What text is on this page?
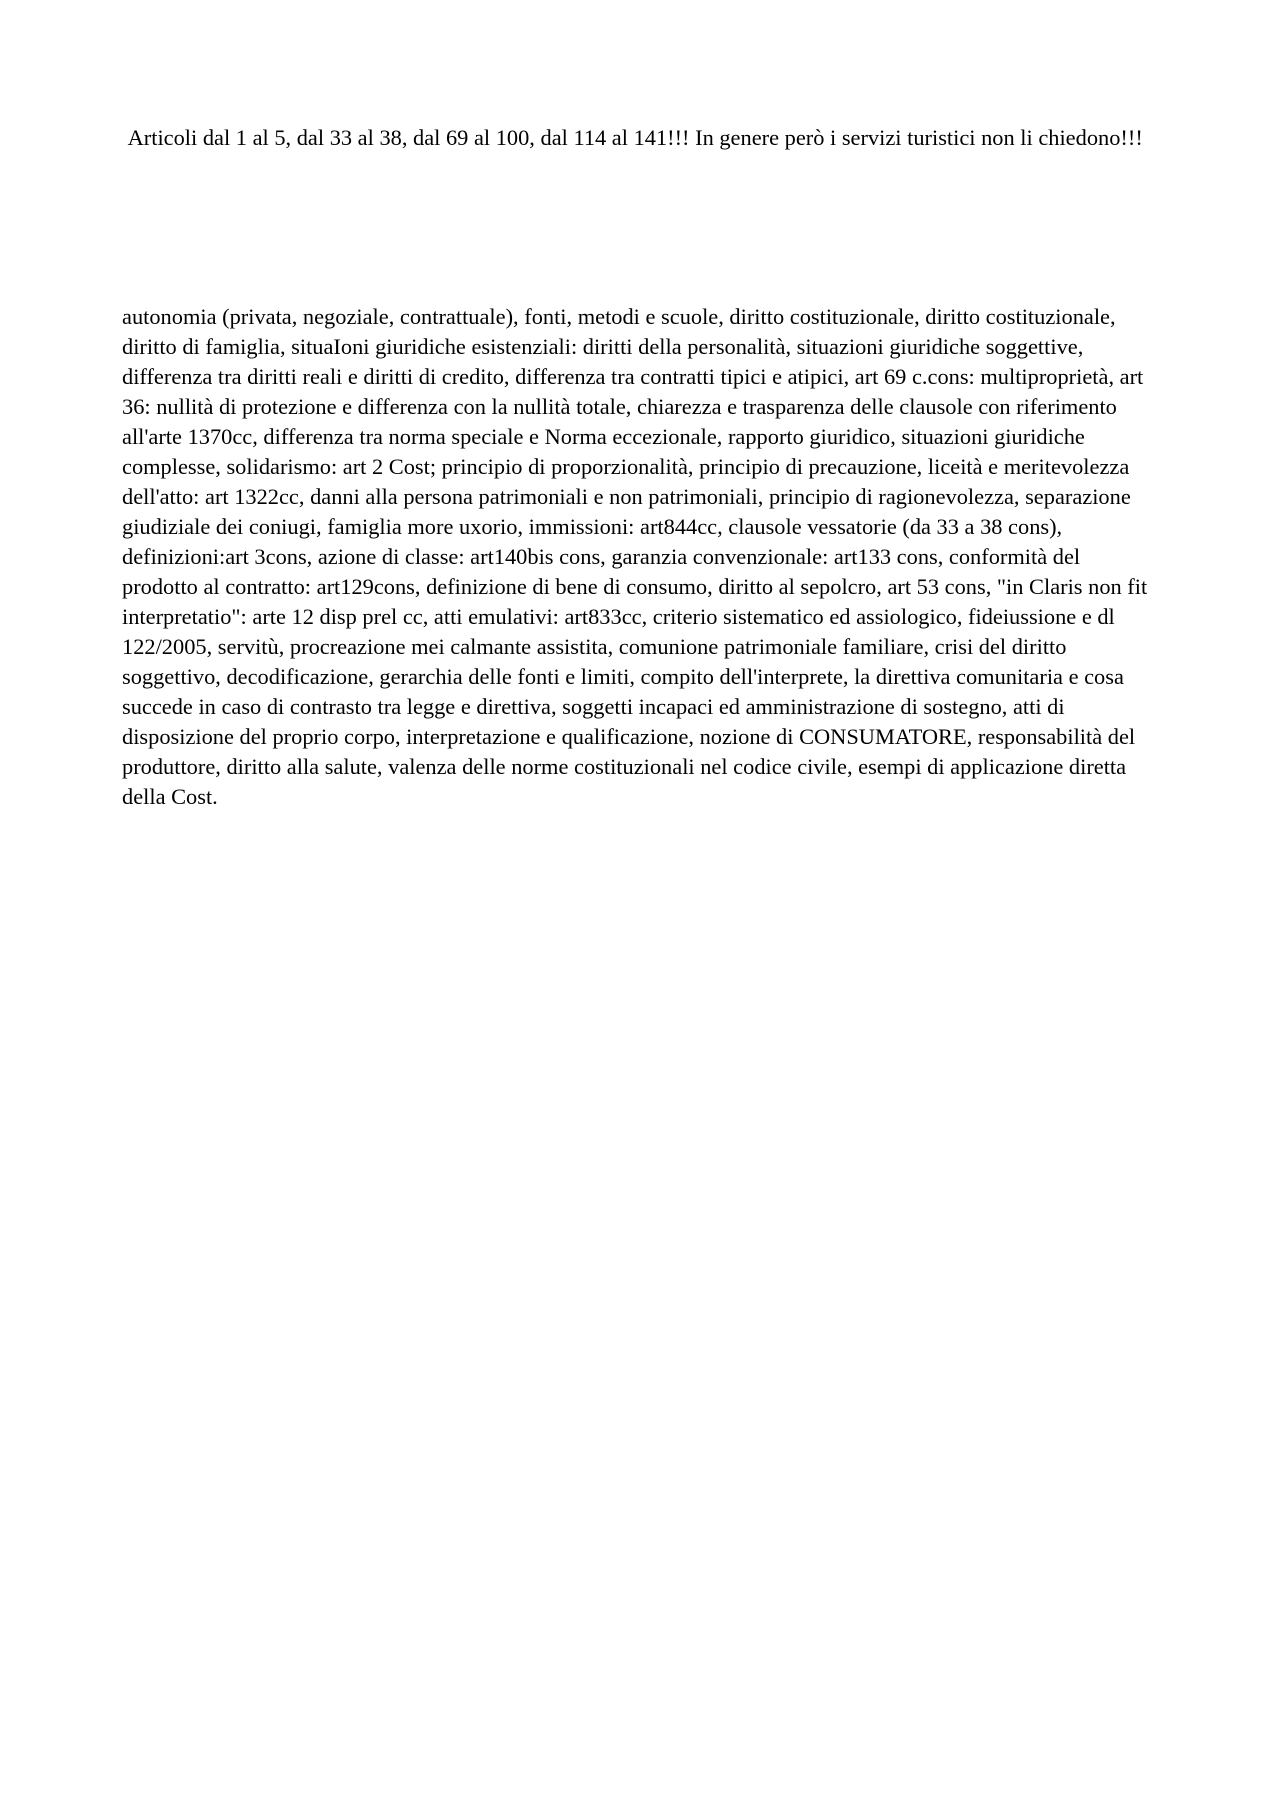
Articoli dal 1 al 5, dal 33 al 38, dal 69 al 100, dal 114 al 141!!! In genere però i servizi turistici non li chiedono!!!

autonomia (privata, negoziale, contrattuale), fonti, metodi e scuole, diritto costituzionale, diritto costituzionale, diritto di famiglia, situaIoni giuridiche esistenziali: diritti della personalità, situazioni giuridiche soggettive, differenza tra diritti reali e diritti di credito, differenza tra contratti tipici e atipici, art 69 c.cons: multiproprietà, art 36: nullità di protezione e differenza con la nullità totale, chiarezza e trasparenza delle clausole con riferimento all'arte 1370cc, differenza tra norma speciale e Norma eccezionale, rapporto giuridico, situazioni giuridiche complesse, solidarismo: art 2 Cost; principio di proporzionalità, principio di precauzione, liceità e meritevolezza dell'atto: art 1322cc, danni alla persona patrimoniali e non patrimoniali, principio di ragionevolezza, separazione giudiziale dei coniugi, famiglia more uxorio, immissioni: art844cc, clausole vessatorie (da 33 a 38 cons), definizioni:art 3cons, azione di classe: art140bis cons, garanzia convenzionale: art133 cons, conformità del prodotto al contratto: art129cons, definizione di bene di consumo, diritto al sepolcro, art 53 cons, "in Claris non fit interpretatio": arte 12 disp prel cc, atti emulativi: art833cc, criterio sistematico ed assiologico, fideiussione e dl 122/2005, servitù, procreazione mei calmante assistita, comunione patrimoniale familiare, crisi del diritto soggettivo, decodificazione, gerarchia delle fonti e limiti, compito dell'interprete, la direttiva comunitaria e cosa succede in caso di contrasto tra legge e direttiva, soggetti incapaci ed amministrazione di sostegno, atti di disposizione del proprio corpo, interpretazione e qualificazione, nozione di CONSUMATORE, responsabilità del produttore, diritto alla salute, valenza delle norme costituzionali nel codice civile, esempi di applicazione diretta della Cost.
